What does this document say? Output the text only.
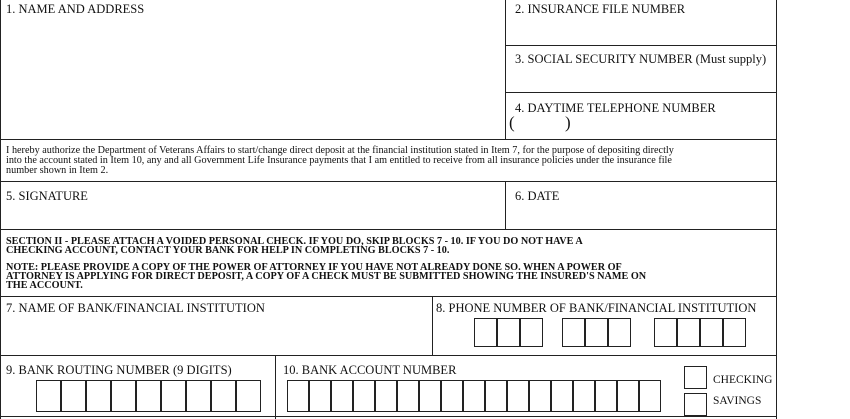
1. NAME AND ADDRESS	2. INSURANCE FILE NUMBER
3. SOCIAL SECURITY NUMBER (Must supply)
4. DAYTIME TELEPHONE NUMBER
(	)
I hereby authorize the Department of Veterans Affairs to start/change direct deposit at the financial institution stated in Item 7, for the purpose of depositing directly
into the account stated in Item 10, any and all Government Life Insurance payments that I am entitled to receive from all insurance policies under the insurance file
number shown in Item 2.
5. SIGNATURE	6. DATE
SECTION II - PLEASE ATTACH A VOIDED PERSONAL CHECK. IF YOU DO, SKIP BLOCKS 7 - 10. IF YOU DO NOT HAVE A
CHECKING ACCOUNT, CONTACT YOUR BANK FOR HELP IN COMPLETING BLOCKS 7 - 10.
NOTE: PLEASE PROVIDE A COPY OF THE POWER OF ATTORNEY IF YOU HAVE NOT ALREADY DONE SO. WHEN A POWER OF
ATTORNEY IS APPLYING FOR DIRECT DEPOSIT, A COPY OF A CHECK MUST BE SUBMITTED SHOWING THE INSURED'S NAME ON
THE ACCOUNT.
7. NAME OF BANK/FINANCIAL INSTITUTION	8. PHONE NUMBER OF BANK/FINANCIAL INSTITUTION
9. BANK ROUTING NUMBER (9 DIGITS)	10. BANK ACCOUNT NUMBER
CHECKING
SAVINGS
